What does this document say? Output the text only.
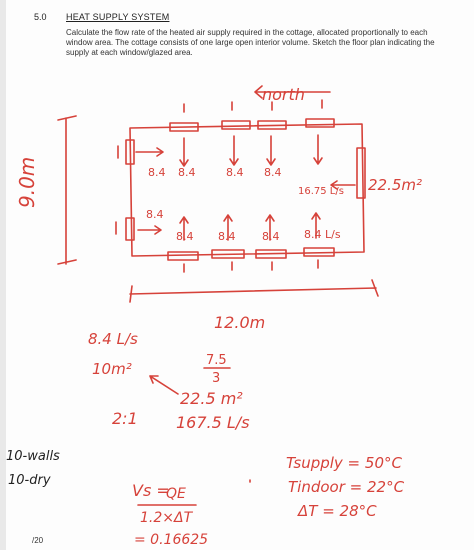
5.0 HEAT SUPPLY SYSTEM
Calculate the flow rate of the heated air supply required in the cottage, allocated proportionally to each window area. The cottage consists of one large open interior volume. Sketch the floor plan indicating the supply at each window/glazed area.
north
9.0m
12.0m
22.5m²
8.4 8.4	8.4 8.4
16.75 L/s
8.4
8.4 8.4 8.4 8.4 L/s
8.4 L/s
10m²	7.5
3
22.5 m²
2:1 167.5 L/s
Vs =
QE
1.2×ΔT
= 0.16625
Tsupply = 50°C
Tindoor = 22°C
ΔT = 28°C
10-walls
10-dry
/20
